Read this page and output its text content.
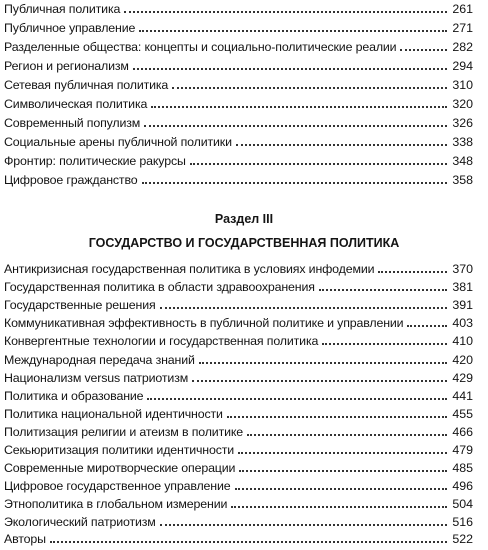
Публичная политика	261
Публичное управление	271
Разделенные общества: концепты и социально-политические реалии	282
Регион и регионализм	294
Сетевая публичная политика	310
Символическая политика	320
Современный популизм	326
Социальные арены публичной политики	338
Фронтир: политические ракурсы	348
Цифровое гражданство	358
Раздел III
ГОСУДАРСТВО И ГОСУДАРСТВЕННАЯ ПОЛИТИКА
Антикризисная государственная политика в условиях инфодемии	370
Государственная политика в области здравоохранения	381
Государственные решения	391
Коммуникативная эффективность в публичной политике и управлении	403
Конвергентные технологии и государственная политика	410
Международная передача знаний	420
Национализм versus патриотизм	429
Политика и образование	441
Политика национальной идентичности	455
Политизация религии и атеизм в политике	466
Секьюритизация политики идентичности	479
Современные миротворческие операции	485
Цифровое государственное управление	496
Этнополитика в глобальном измерении	504
Экологический патриотизм	516
Авторы	522
